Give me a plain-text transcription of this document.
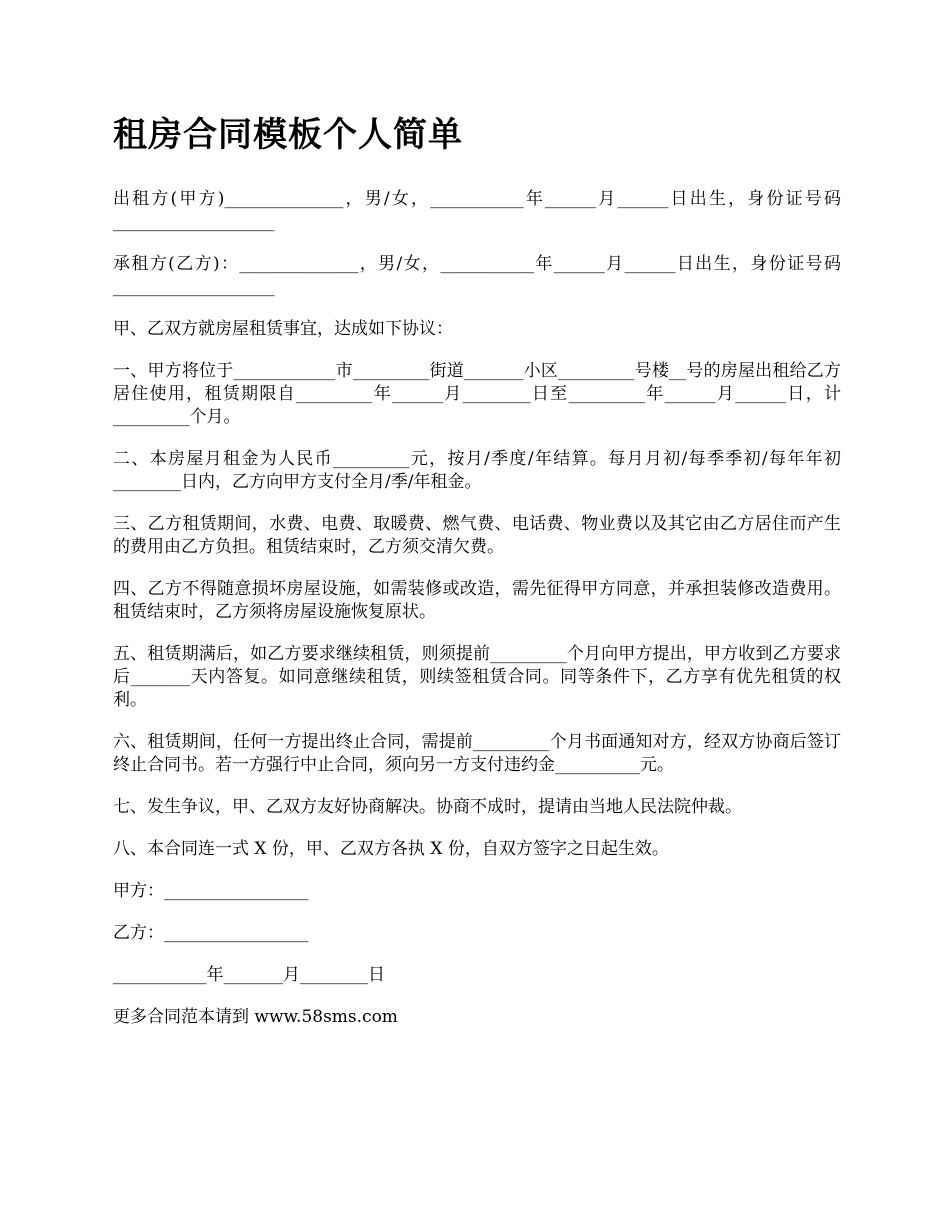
租房合同模板个人简单

出租方(甲方)______________，男/女，___________年______月______日出生，身份证号码___________________

承租方(乙方)：______________，男/女，___________年______月______日出生，身份证号码___________________

甲、乙双方就房屋租赁事宜，达成如下协议：

一、甲方将位于____________市_________街道_______小区_________号楼__号的房屋出租给乙方居住使用，租赁期限自_________年______月________日至_________年______月______日，计_________个月。

二、本房屋月租金为人民币_________元，按月/季度/年结算。每月月初/每季季初/每年年初________日内，乙方向甲方支付全月/季/年租金。

三、乙方租赁期间，水费、电费、取暖费、燃气费、电话费、物业费以及其它由乙方居住而产生的费用由乙方负担。租赁结束时，乙方须交清欠费。

四、乙方不得随意损坏房屋设施，如需装修或改造，需先征得甲方同意，并承担装修改造费用。租赁结束时，乙方须将房屋设施恢复原状。

五、租赁期满后，如乙方要求继续租赁，则须提前_________个月向甲方提出，甲方收到乙方要求后_______天内答复。如同意继续租赁，则续签租赁合同。同等条件下，乙方享有优先租赁的权利。

六、租赁期间，任何一方提出终止合同，需提前_________个月书面通知对方，经双方协商后签订终止合同书。若一方强行中止合同，须向另一方支付违约金__________元。

七、发生争议，甲、乙双方友好协商解决。协商不成时，提请由当地人民法院仲裁。

八、本合同连一式 X 份，甲、乙双方各执 X 份，自双方签字之日起生效。

甲方：_________________

乙方：_________________

___________年_______月________日

更多合同范本请到 www.58sms.com
